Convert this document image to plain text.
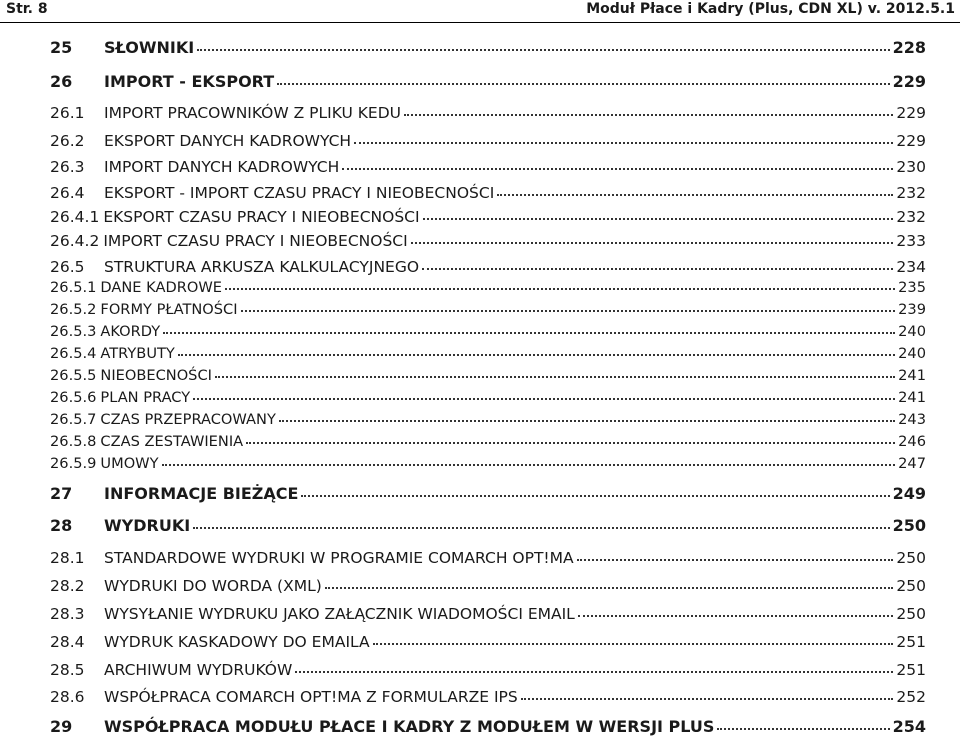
Str. 8	Moduł Płace i Kadry (Plus, CDN XL) v. 2012.5.1
25	SŁOWNIKI	228
26	IMPORT - EKSPORT	229
26.1	IMPORT PRACOWNIKÓW Z PLIKU KEDU	229
26.2	EKSPORT DANYCH KADROWYCH	229
26.3	IMPORT DANYCH KADROWYCH	230
26.4	EKSPORT - IMPORT CZASU PRACY I NIEOBECNOŚCI	232
26.4.1 EKSPORT CZASU PRACY I NIEOBECNOŚCI	232
26.4.2 IMPORT CZASU PRACY I NIEOBECNOŚCI	233
26.5	STRUKTURA ARKUSZA KALKULACYJNEGO	234
26.5.1 DANE KADROWE	235
26.5.2 FORMY PŁATNOŚCI	239
26.5.3 AKORDY	240
26.5.4 ATRYBUTY	240
26.5.5 NIEOBECNOŚCI	241
26.5.6 PLAN PRACY	241
26.5.7 CZAS PRZEPRACOWANY	243
26.5.8 CZAS ZESTAWIENIA	246
26.5.9 UMOWY	247
27	INFORMACJE BIEŻĄCE	249
28	WYDRUKI	250
28.1	STANDARDOWE WYDRUKI W PROGRAMIE COMARCH OPT!MA	250
28.2	WYDRUKI DO WORDA (XML)	250
28.3	WYSYŁANIE WYDRUKU JAKO ZAŁĄCZNIK WIADOMOŚCI EMAIL	250
28.4	WYDRUK KASKADOWY DO EMAILA	251
28.5	ARCHIWUM WYDRUKÓW	251
28.6	WSPÓŁPRACA COMARCH OPT!MA Z FORMULARZE IPS	252
29	WSPÓŁPRACA MODUŁU PŁACE I KADRY Z MODUŁEM W WERSJI PLUS	254
